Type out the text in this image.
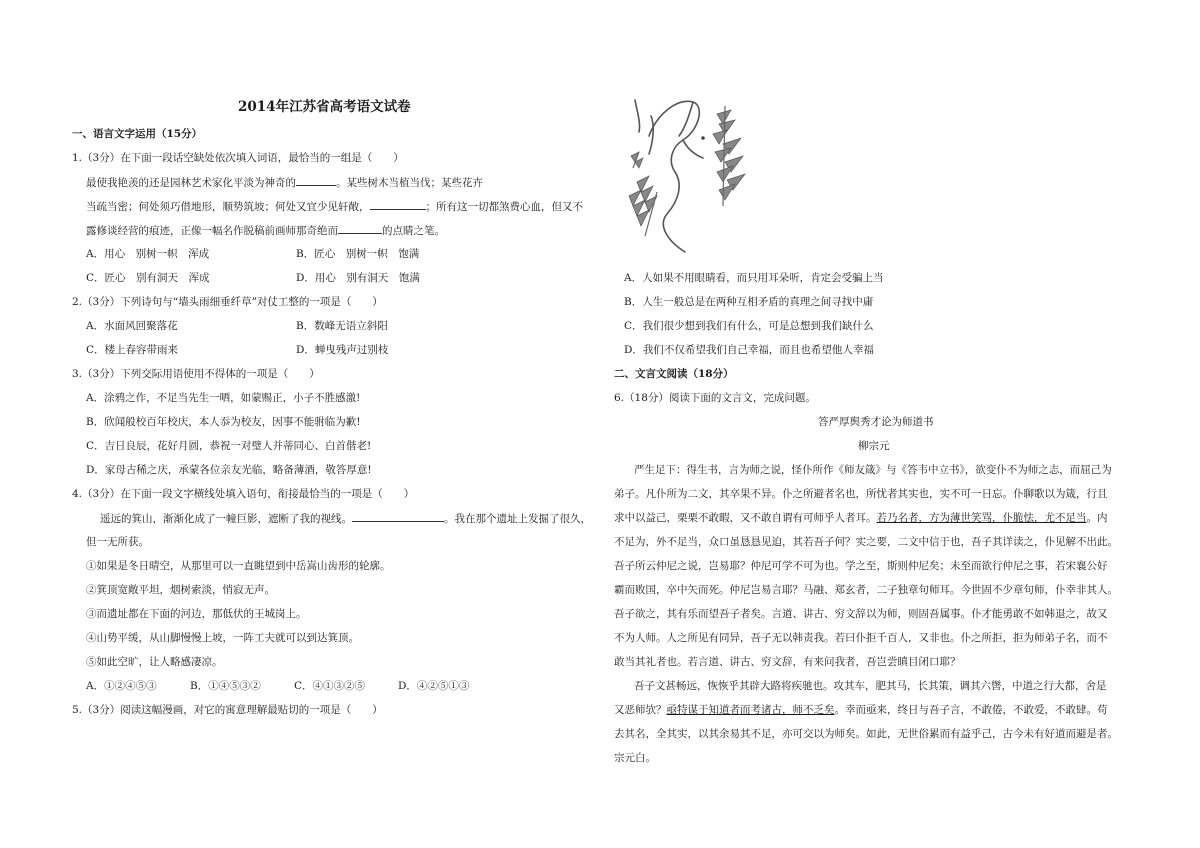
2014年江苏省高考语文试卷
一、语言文字运用（15分）
1.（3分）在下面一段话空缺处依次填入词语，最恰当的一组是（　　）
最使我艳羡的还是园林艺术家化平淡为神奇的	。某些树木当植当伐；某些花卉
当疏当密；何处须巧借地形，顺势筑坡；何处又宜少见轩敞，	；所有这一切都煞费心血，但又不
露修谈经营的痕迹，正像一幅名作脱稿前画师那奇绝而	的点睛之笔。
A．用心　别树一帜　浑成	B．匠心　别树一帜　饱满
C．匠心　别有洞天　浑成	D．用心　别有洞天　饱满
2.（3分）下列诗句与“墙头雨细垂纤草”对仗工整的一项是（　　）
A．水面风回聚落花	B．数峰无语立斜阳
C．楼上春容带雨来	D．蝉曳残声过别枝
3.（3分）下列交际用语使用不得体的一项是（　　）
A．涂鸦之作，不足当先生一哂，如蒙赐正，小子不胜感激!
B．欣闻般校百年校庆，本人忝为校友，因事不能驸临为歉!
C．吉日良辰，花好月圆，恭祝一对璧人并蒂同心、白首偕老!
D．家母古稀之庆，承蒙各位亲友光临，略备薄酒，敬答厚意!
4.（3分）在下面一段文字横线处填入语句，衔接最恰当的一项是（　　）
遥远的箕山，渐渐化成了一幢巨影，遮断了我的视线。	。我在那个遗址上发掘了很久，
但一无所获。
①如果是冬日晴空，从那里可以一直眺望到中岳嵩山齿形的轮廓。
②箕顶宽敞平坦，烟树索淡，悄寂无声。
③而遗址都在下面的河边，那低伏的王城岗上。
④山势平缓，从山脚慢慢上坡，一阵工夫就可以到达箕顶。
⑤如此空旷，让人略感凄凉。
A．①②④⑤③	B．①④⑤③②	C．④①③②⑤	D．④②⑤①③
5.（3分）阅读这幅漫画，对它的寓意理解最贴切的一项是（　　）
A．人如果不用眼睛看，而只用耳朵听，肯定会受骗上当
B．人生一般总是在两种互相矛盾的真理之间寻找中庸
C．我们很少想到我们有什么，可是总想到我们缺什么
D．我们不仅希望我们自己幸福，而且也希望他人幸福
二、文言文阅读（18分）
6.（18分）阅读下面的文言文，完成问题。
答严厚舆秀才论为师道书
柳宗元
严生足下：得生书，言为师之说，怪仆所作《师友箴》与《答韦中立书》，欲变仆不为师之志，而屈己为
弟子。凡仆所为二文，其卒果不异。仆之所避者名也，所忧者其实也，实不可一日忘。仆聊歌以为箴，行且
求中以益己，栗栗不敢暇，又不敢自谓有可师乎人者耳。若乃名者，方为薄世笑骂，仆脆怯，尤不足当。内
不足为，外不足当，众口虽恳恳见迫，其若吾子何？实之要，二文中信于也，吾子其详读之，仆见解不出此。
吾子所云仲尼之说，岂易耶？仲尼可学不可为也。学之至，斯则仲尼矣；未至而欲行仲尼之事，若宋襄公好
霸而败国，卒中矢而死。仲尼岂易言耶？马融、郑玄者，二子独章句师耳。今世固不少章句师，仆幸非其人。
吾子欲之，其有乐而望吾子者矣。言道、讲古、穷文辞以为师，则固吾属事。仆才能勇敢不如韩退之，故又
不为人师。人之所见有同异，吾子无以韩责我。若曰仆拒千百人，又非也。仆之所拒，拒为师弟子名，而不
敢当其礼者也。若言道、讲古、穷文辞，有来问我者，吾岂尝瞋目闭口耶？
吾子文甚畅远，恢恢乎其辟大路将疾驰也。攻其车，肥其马，长其策，调其六辔，中道之行大都，舍是
又恶师欤？亟特谋于知道者而考诸古，师不乏矣。幸而亟来，终日与吾子言，不敢倦，不敢爱，不敢肆。苟
去其名，全其实，以其余易其不足，亦可交以为师矣。如此，无世俗累而有益乎己，古今未有好道而避是者。
宗元白。
